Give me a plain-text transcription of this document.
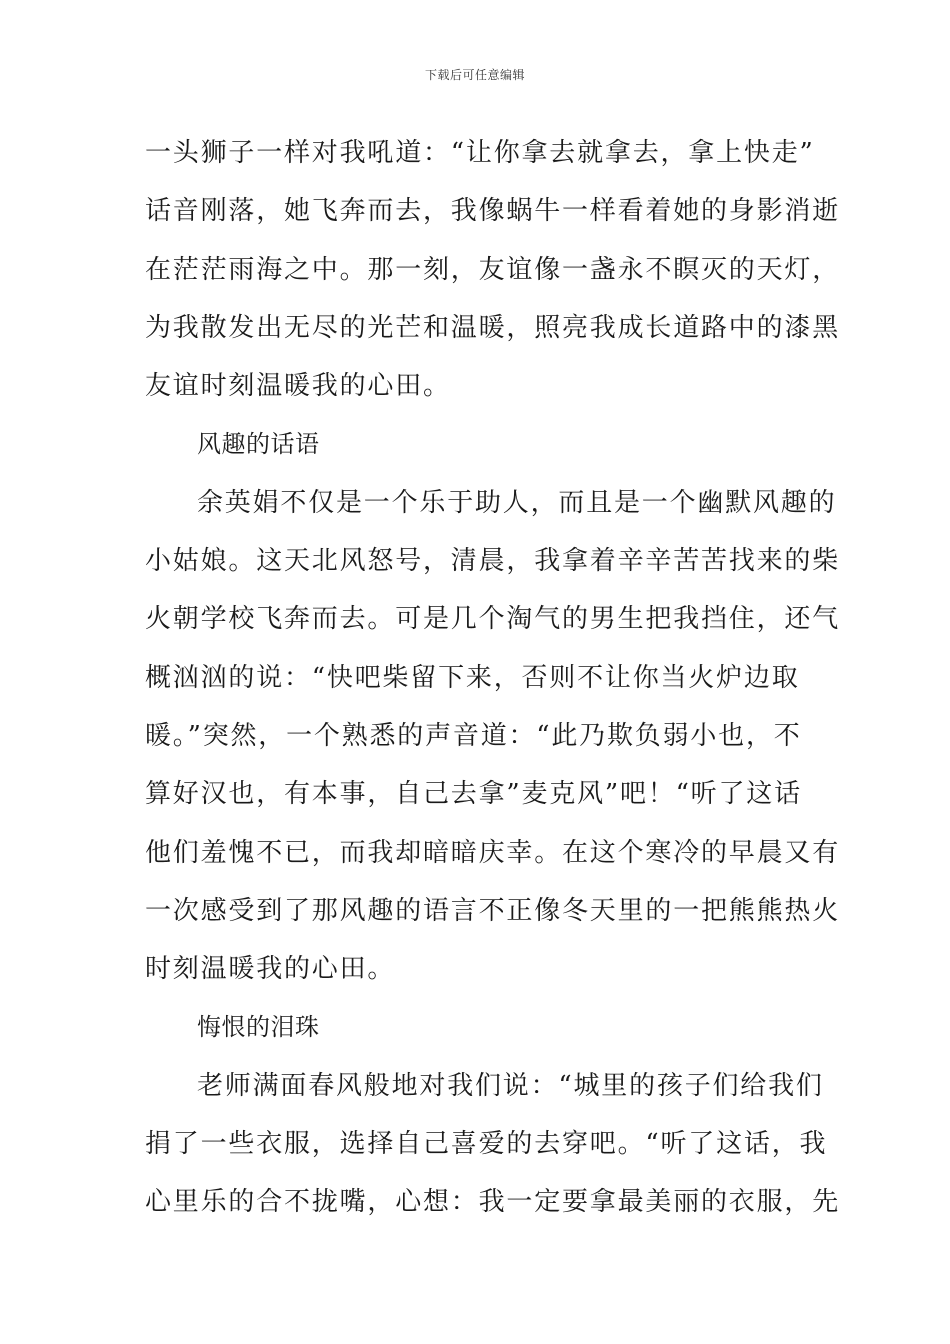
下载后可任意编辑
一头狮子一样对我吼道：“让你拿去就拿去，拿上快走”
话音刚落，她飞奔而去，我像蜗牛一样看着她的身影消逝
在茫茫雨海之中。那一刻，友谊像一盏永不瞑灭的天灯，
为我散发出无尽的光芒和温暖，照亮我成长道路中的漆黑
友谊时刻温暖我的心田。
风趣的话语
余英娟不仅是一个乐于助人，而且是一个幽默风趣的
小姑娘。这天北风怒号，清晨，我拿着辛辛苦苦找来的柴
火朝学校飞奔而去。可是几个淘气的男生把我挡住，还气
概汹汹的说：“快吧柴留下来，否则不让你当火炉边取
暖。”突然，一个熟悉的声音道：“此乃欺负弱小也，不
算好汉也，有本事，自己去拿”麦克风”吧！“听了这话
他们羞愧不已，而我却暗暗庆幸。在这个寒冷的早晨又有
一次感受到了那风趣的语言不正像冬天里的一把熊熊热火
时刻温暖我的心田。
悔恨的泪珠
老师满面春风般地对我们说：“城里的孩子们给我们
捐了一些衣服，选择自己喜爱的去穿吧。“听了这话，我
心里乐的合不拢嘴，心想：我一定要拿最美丽的衣服，先
